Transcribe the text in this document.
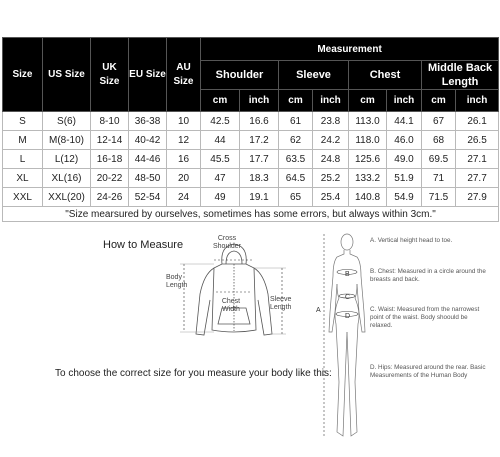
Size	US Size	UK Size	EU Size	AU Size	Measurement							
					Shoulder		Sleeve		Chest		Middle Back Length	
					cm	inch	cm	inch	cm	inch	cm	inch
S	S(6)	8-10	36-38	10	42.5	16.6	61	23.8	113.0	44.1	67	26.1
M	M(8-10)	12-14	40-42	12	44	17.2	62	24.2	118.0	46.0	68	26.5
L	L(12)	16-18	44-46	16	45.5	17.7	63.5	24.8	125.6	49.0	69.5	27.1
XL	XL(16)	20-22	48-50	20	47	18.3	64.5	25.2	133.2	51.9	71	27.7
XXL	XXL(20)	24-26	52-54	24	49	19.1	65	25.4	140.8	54.9	71.5	27.9
"Size mearsured by ourselves, sometimes has some errors, but always within 3cm."												
How to Measure
Cross Shoulder
Body Length
Chest Width
Sleeve Length
To choose the correct size for you measure your body like this:
A
B
C
D
A. Vertical height head to toe.
B. Chest: Measured in a circle around the breasts and back.
C. Waist: Measured from the narrowest point of the waist. Body shoould be relaxed.
D. Hips: Measured around the rear. Basic Measurements of the Human Body
